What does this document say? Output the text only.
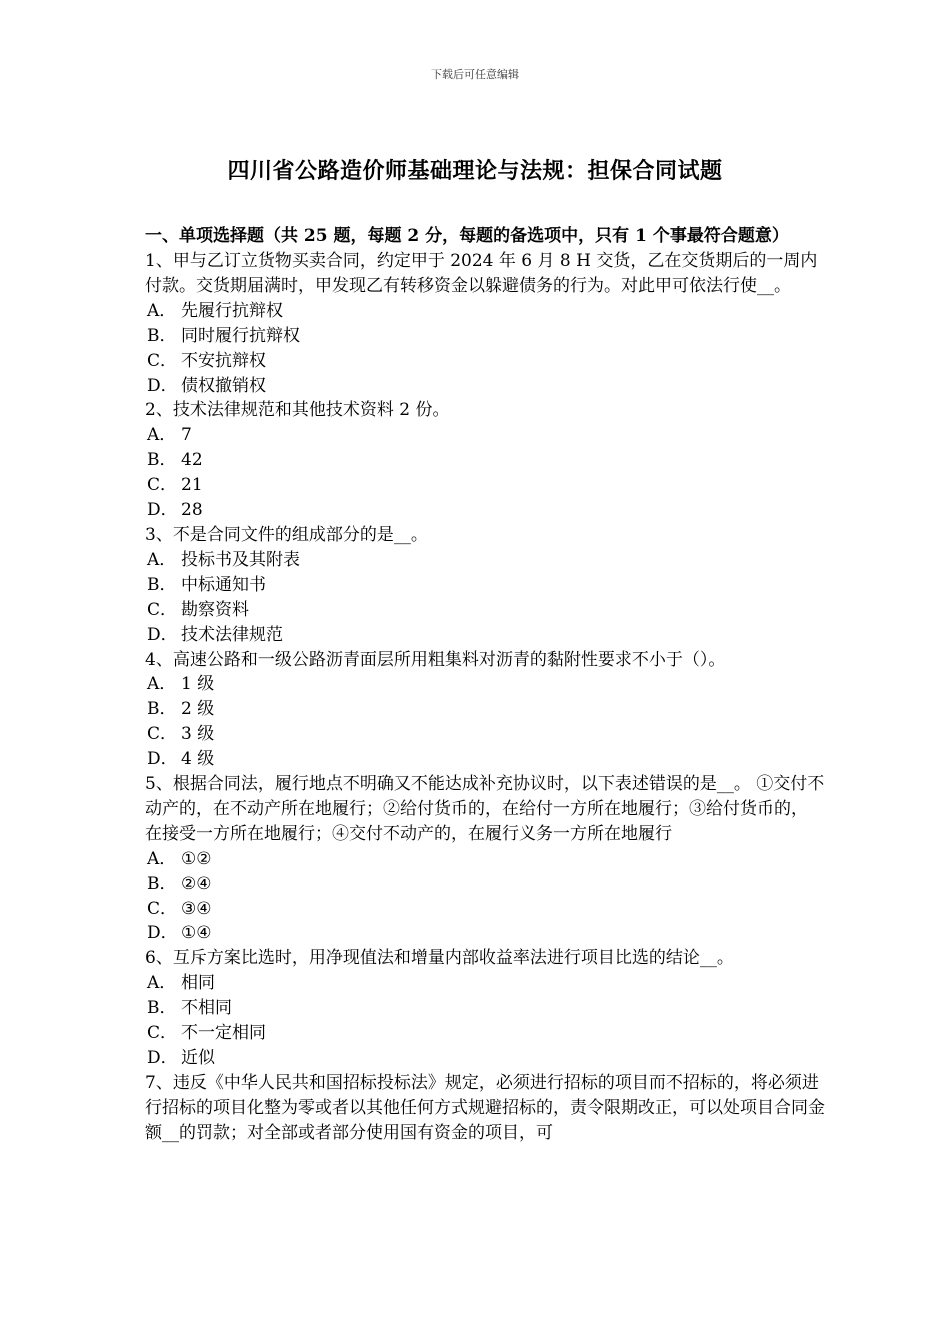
下载后可任意编辑
四川省公路造价师基础理论与法规：担保合同试题
一、单项选择题（共 25 题，每题 2 分，每题的备选项中，只有 1 个事最符合题意）

1、甲与乙订立货物买卖合同，约定甲于 2024 年 6 月 8 H 交货，乙在交货期后的一周内付款。交货期届满时，甲发现乙有转移资金以躲避债务的行为。对此甲可依法行使__。

A． 先履行抗辩权
B． 同时履行抗辩权
C． 不安抗辩权
D． 债权撤销权

2、技术法律规范和其他技术资料 2 份。

A． 7
B． 42
C． 21
D． 28

3、不是合同文件的组成部分的是__。

A． 投标书及其附表
B． 中标通知书
C． 勘察资料
D． 技术法律规范

4、高速公路和一级公路沥青面层所用粗集料对沥青的黏附性要求不小于（）。

A． 1 级
B． 2 级
C． 3 级
D． 4 级

5、根据合同法，履行地点不明确又不能达成补充协议时，以下表述错误的是__。 ①交付不动产的，在不动产所在地履行；②给付货币的，在给付一方所在地履行；③给付货币的，　在接受一方所在地履行；④交付不动产的，在履行义务一方所在地履行

A． ①②
B． ②④
C． ③④
D． ①④

6、互斥方案比选时，用净现值法和增量内部收益率法进行项目比选的结论__。

A． 相同
B． 不相同
C． 不一定相同
D． 近似

7、违反《中华人民共和国招标投标法》规定，必须进行招标的项目而不招标的，将必须进行招标的项目化整为零或者以其他任何方式规避招标的，责令限期改正，可以处项目合同金额__的罚款；对全部或者部分使用国有资金的项目，可
